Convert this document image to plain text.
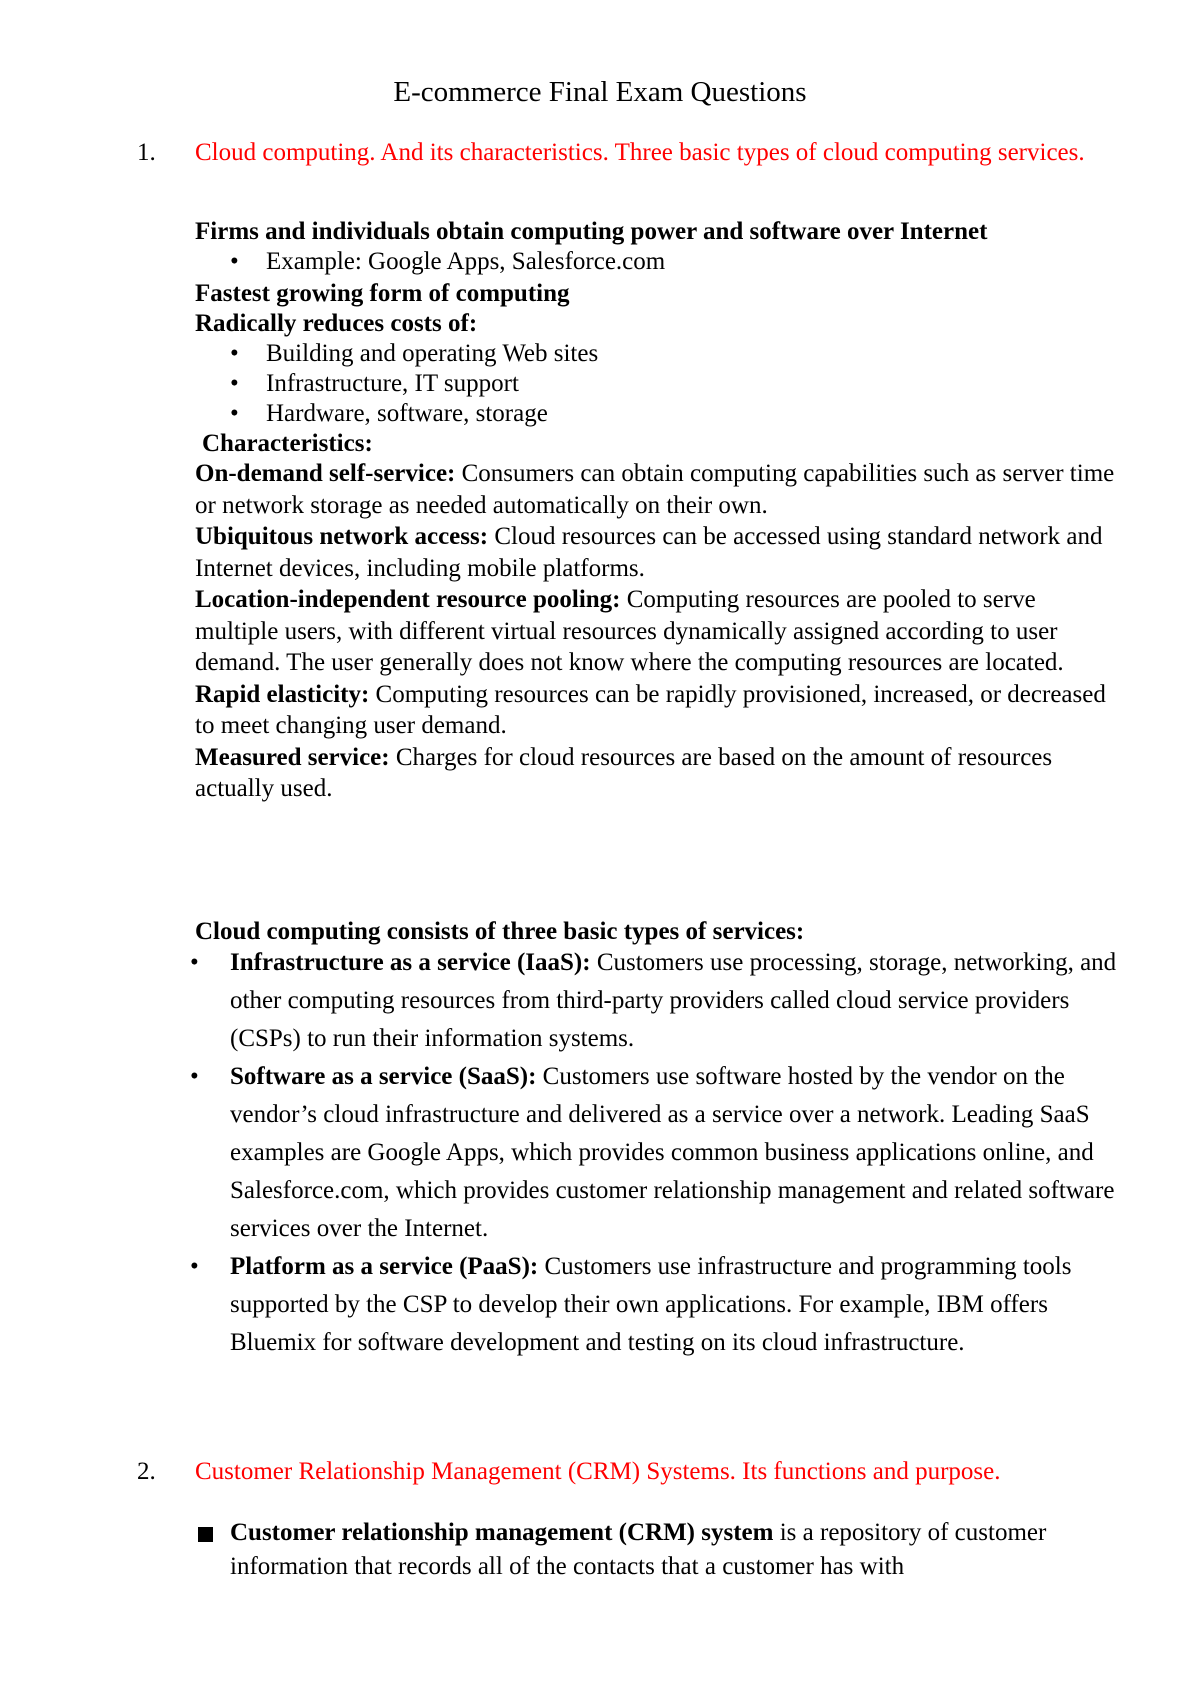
E-commerce Final Exam Questions
1.	Cloud computing. And its characteristics. Three basic types of cloud computing services.
Firms and individuals obtain computing power and software over Internet
•	Example: Google Apps, Salesforce.com
Fastest growing form of computing
Radically reduces costs of:
•	Building and operating Web sites
•	Infrastructure, IT support
•	Hardware, software, storage
Characteristics:
On-demand self-service: Consumers can obtain computing capabilities such as server time or network storage as needed automatically on their own.
Ubiquitous network access: Cloud resources can be accessed using standard network and Internet devices, including mobile platforms.
Location-independent resource pooling: Computing resources are pooled to serve multiple users, with different virtual resources dynamically assigned according to user demand. The user generally does not know where the computing resources are located.
Rapid elasticity: Computing resources can be rapidly provisioned, increased, or decreased to meet changing user demand.
Measured service: Charges for cloud resources are based on the amount of resources actually used.
Cloud computing consists of three basic types of services:
•	Infrastructure as a service (IaaS): Customers use processing, storage, networking, and other computing resources from third-party providers called cloud service providers (CSPs) to run their information systems.
•	Software as a service (SaaS): Customers use software hosted by the vendor on the vendor’s cloud infrastructure and delivered as a service over a network. Leading SaaS examples are Google Apps, which provides common business applications online, and Salesforce.com, which provides customer relationship management and related software services over the Internet.
•	Platform as a service (PaaS): Customers use infrastructure and programming tools supported by the CSP to develop their own applications. For example, IBM offers Bluemix for software development and testing on its cloud infrastructure.
2.	Customer Relationship Management (CRM) Systems. Its functions and purpose.
Customer relationship management (CRM) system is a repository of customer information that records all of the contacts that a customer has with
